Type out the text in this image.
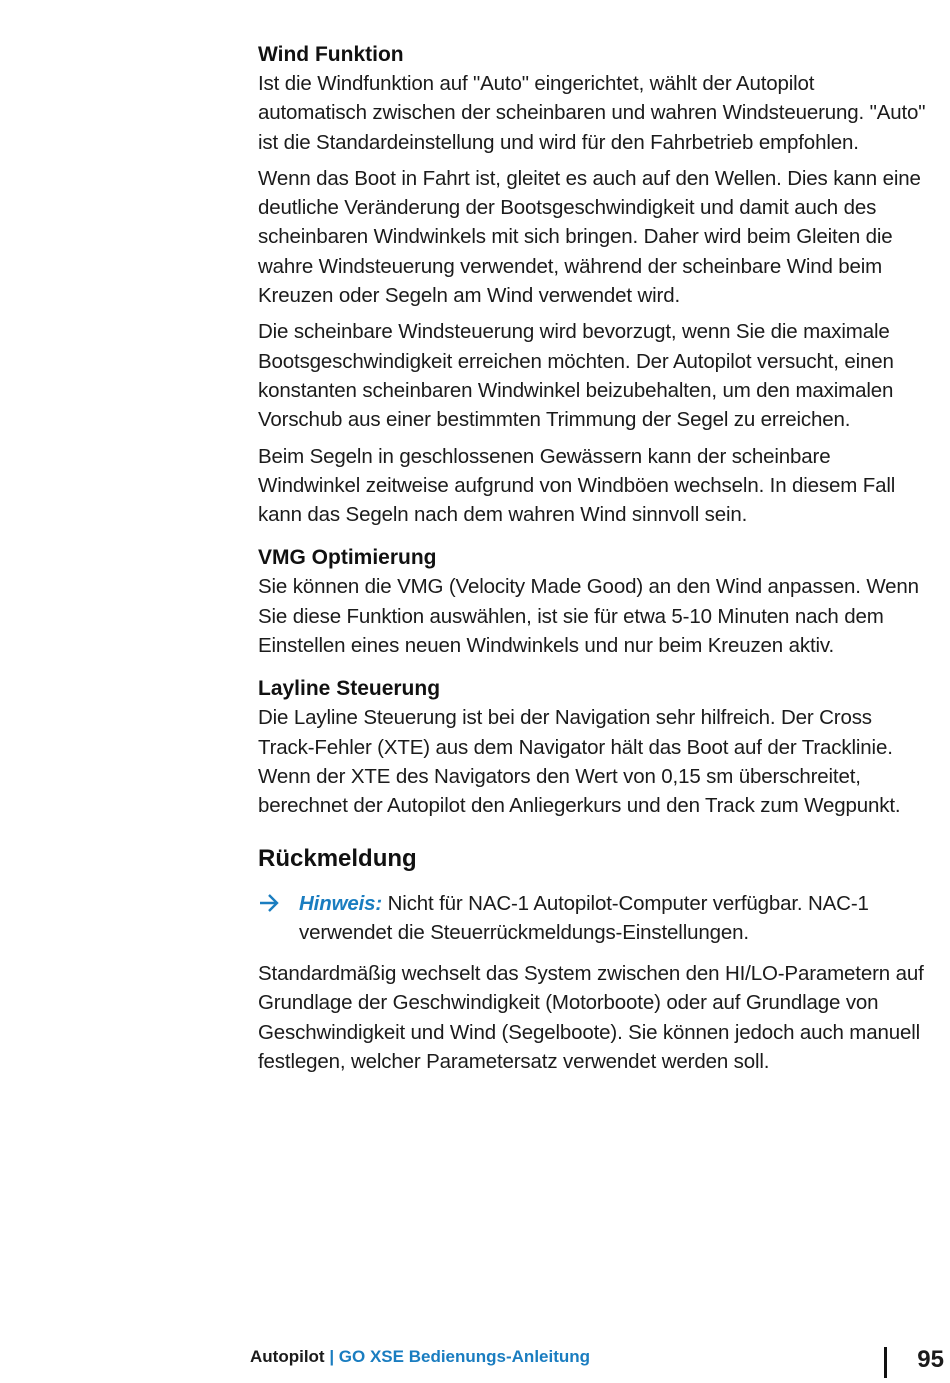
Wind Funktion

Ist die Windfunktion auf "Auto" eingerichtet, wählt der Autopilot automatisch zwischen der scheinbaren und wahren Windsteuerung. "Auto" ist die Standardeinstellung und wird für den Fahrbetrieb empfohlen.

Wenn das Boot in Fahrt ist, gleitet es auch auf den Wellen. Dies kann eine deutliche Veränderung der Bootsgeschwindigkeit und damit auch des scheinbaren Windwinkels mit sich bringen. Daher wird beim Gleiten die wahre Windsteuerung verwendet, während der scheinbare Wind beim Kreuzen oder Segeln am Wind verwendet wird.

Die scheinbare Windsteuerung wird bevorzugt, wenn Sie die maximale Bootsgeschwindigkeit erreichen möchten. Der Autopilot versucht, einen konstanten scheinbaren Windwinkel beizubehalten, um den maximalen Vorschub aus einer bestimmten Trimmung der Segel zu erreichen.

Beim Segeln in geschlossenen Gewässern kann der scheinbare Windwinkel zeitweise aufgrund von Windböen wechseln. In diesem Fall kann das Segeln nach dem wahren Wind sinnvoll sein.

VMG Optimierung

Sie können die VMG (Velocity Made Good) an den Wind anpassen. Wenn Sie diese Funktion auswählen, ist sie für etwa 5-10 Minuten nach dem Einstellen eines neuen Windwinkels und nur beim Kreuzen aktiv.

Layline Steuerung

Die Layline Steuerung ist bei der Navigation sehr hilfreich. Der Cross Track-Fehler (XTE) aus dem Navigator hält das Boot auf der Tracklinie. Wenn der XTE des Navigators den Wert von 0,15 sm überschreitet, berechnet der Autopilot den Anliegerkurs und den Track zum Wegpunkt.

Rückmeldung
Hinweis: Nicht für NAC-1 Autopilot-Computer verfügbar. NAC-1 verwendet die Steuerrückmeldungs-Einstellungen.

Standardmäßig wechselt das System zwischen den HI/LO-Parametern auf Grundlage der Geschwindigkeit (Motorboote) oder auf Grundlage von Geschwindigkeit und Wind (Segelboote). Sie können jedoch auch manuell festlegen, welcher Parametersatz verwendet werden soll.

Autopilot | GO XSE Bedienungs-Anleitung	95
